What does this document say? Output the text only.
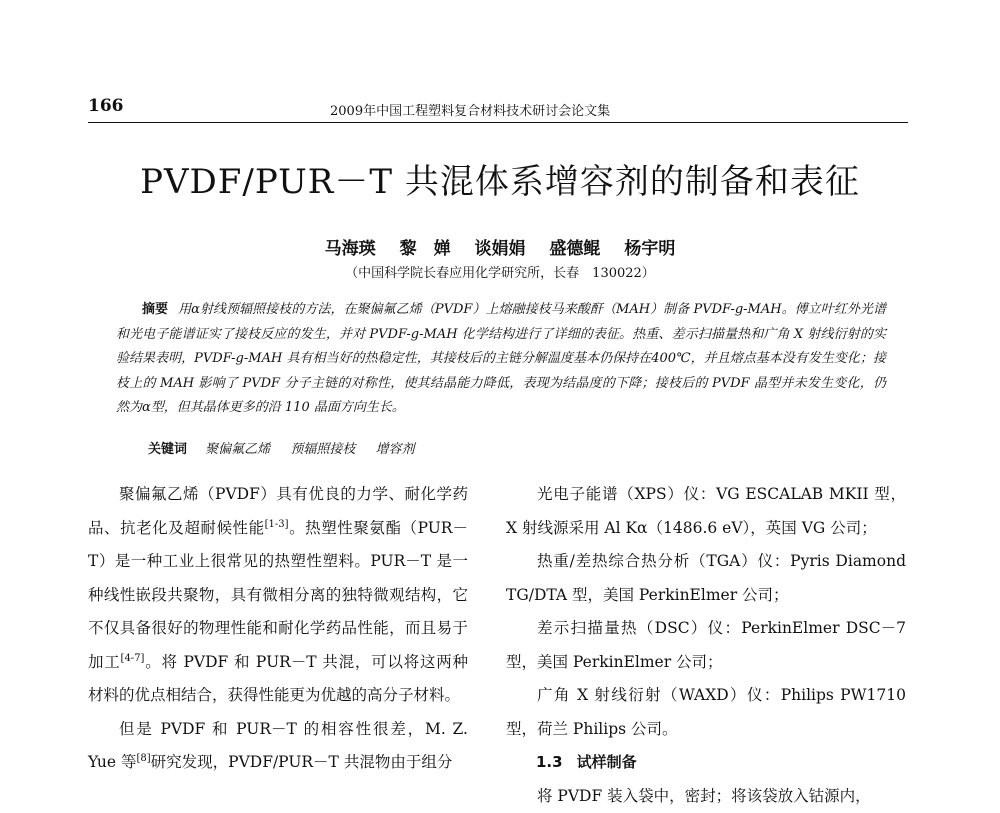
166	2009年中国工程塑料复合材料技术研讨会论文集
PVDF/PUR－T 共混体系增容剂的制备和表征
马海瑛 黎　婵 谈娟娟 盛德鲲 杨宇明
（中国科学院长春应用化学研究所，长春　130022）
摘要 用α射线预辐照接枝的方法，在聚偏氟乙烯（PVDF）上熔融接枝马来酸酐（MAH）制备 PVDF-g-MAH。傅立叶红外光谱和光电子能谱证实了接枝反应的发生，并对 PVDF-g-MAH 化学结构进行了详细的表征。热重、差示扫描量热和广角 X 射线衍射的实验结果表明，PVDF-g-MAH 具有相当好的热稳定性，其接枝后的主链分解温度基本仍保持在400℃，并且熔点基本没有发生变化；接枝上的 MAH 影响了 PVDF 分子主链的对称性，使其结晶能力降低，表现为结晶度的下降；接枝后的 PVDF 晶型并未发生变化，仍然为α型，但其晶体更多的沿 110 晶面方向生长。
关键词 聚偏氟乙烯 预辐照接枝 增容剂

聚偏氟乙烯（PVDF）具有优良的力学、耐化学药品、抗老化及超耐候性能[1-3]。热塑性聚氨酯（PUR－T）是一种工业上很常见的热塑性塑料。PUR－T 是一种线性嵌段共聚物，具有微相分离的独特微观结构，它不仅具备很好的物理性能和耐化学药品性能，而且易于加工[4-7]。将 PVDF 和 PUR－T 共混，可以将这两种材料的优点相结合，获得性能更为优越的高分子材料。

但是 PVDF 和 PUR－T 的相容性很差，M. Z. Yue 等[8]研究发现，PVDF/PUR－T 共混物由于组分

光电子能谱（XPS）仪：VG ESCALAB MKII 型，X 射线源采用 Al Kα（1486.6 eV），英国 VG 公司；

热重/差热综合热分析（TGA）仪：Pyris Diamond TG/DTA 型，美国 PerkinElmer 公司；

差示扫描量热（DSC）仪：PerkinElmer DSC－7 型，美国 PerkinElmer 公司；

广角 X 射线衍射（WAXD）仪：Philips PW1710 型，荷兰 Philips 公司。

1.3 试样制备

将 PVDF 装入袋中，密封；将该袋放入钴源内，
